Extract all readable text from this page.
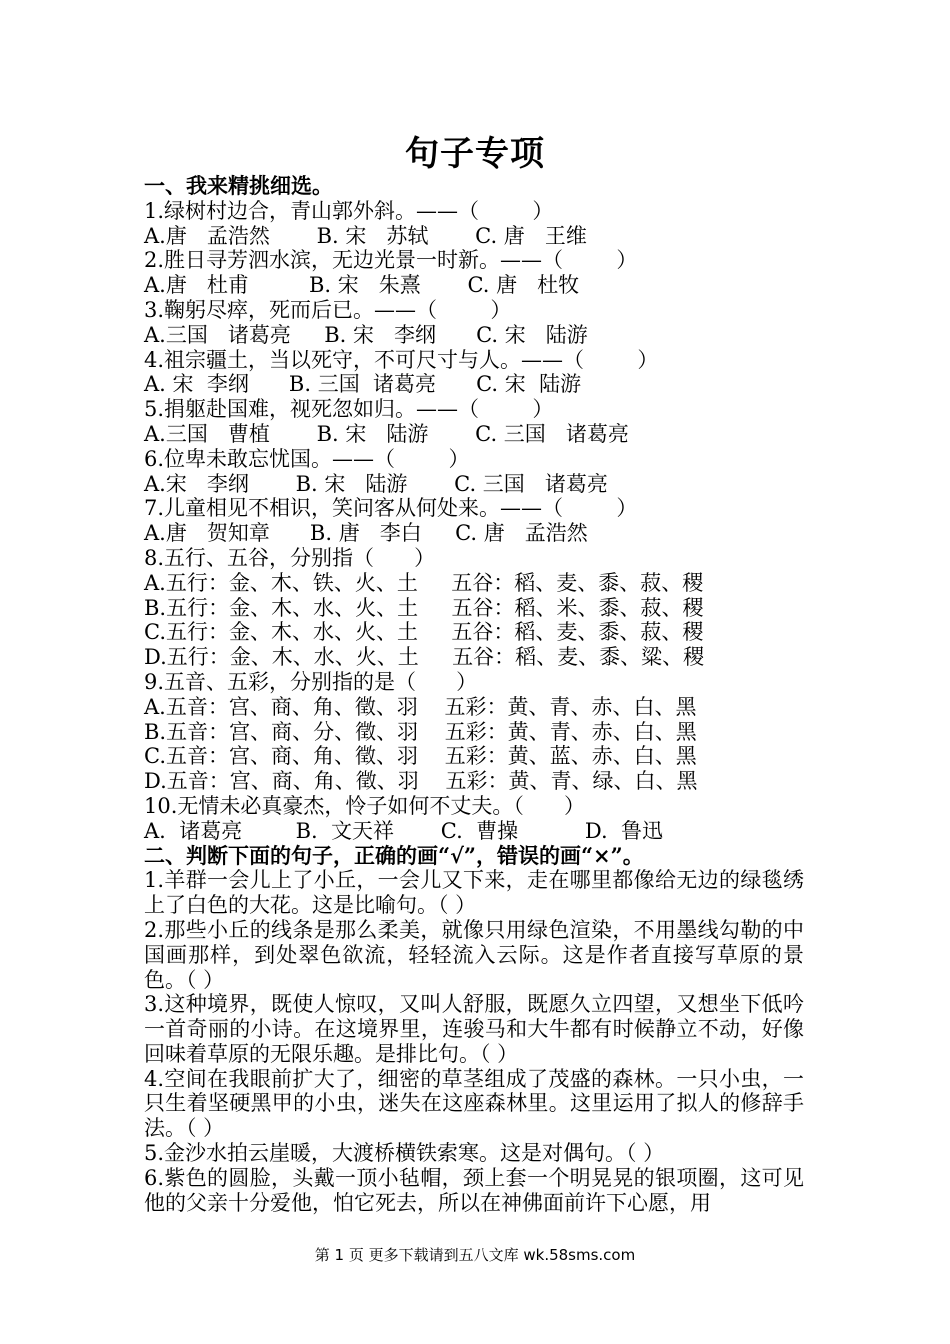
句子专项
一、我来精挑细选。
1.绿树村边合，青山郭外斜。——（        ）
A.唐   孟浩然       B. 宋   苏轼       C. 唐   王维
2.胜日寻芳泗水滨，无边光景一时新。——（        ）
A.唐   杜甫         B. 宋   朱熹       C. 唐   杜牧
3.鞠躬尽瘁，死而后已。——（        ）
A.三国   诸葛亮     B. 宋   李纲      C. 宋   陆游
4.祖宗疆土，当以死守，不可尺寸与人。——（        ）
A. 宋  李纲      B. 三国  诸葛亮      C. 宋  陆游
5.捐躯赴国难，视死忽如归。——（        ）
A.三国   曹植       B. 宋   陆游       C. 三国   诸葛亮
6.位卑未敢忘忧国。——（        ）
A.宋   李纲       B. 宋   陆游       C. 三国   诸葛亮
7.儿童相见不相识，笑问客从何处来。——（        ）
A.唐   贺知章      B. 唐   李白     C. 唐   孟浩然
8.五行、五谷，分别指（      ）
A.五行：金、木、铁、火、土     五谷：稻、麦、黍、菽、稷
B.五行：金、木、水、火、土     五谷：稻、米、黍、菽、稷
C.五行：金、木、水、火、土     五谷：稻、麦、黍、菽、稷
D.五行：金、木、水、火、土     五谷：稻、麦、黍、粱、稷
9.五音、五彩，分别指的是（      ）
A.五音：宫、商、角、徵、羽    五彩：黄、青、赤、白、黑
B.五音：宫、商、分、徵、羽    五彩：黄、青、赤、白、黑
C.五音：宫、商、角、徵、羽    五彩：黄、蓝、赤、白、黑
D.五音：宫、商、角、徵、羽    五彩：黄、青、绿、白、黑
10.无情未必真豪杰，怜子如何不丈夫。（      ）
A.  诸葛亮        B.  文天祥       C.  曹操          D.  鲁迅
二、判断下面的句子，正确的画“√”，错误的画“×”。
1.羊群一会儿上了小丘，一会儿又下来，走在哪里都像给无边的绿毯绣上了白色的大花。这是比喻句。（ ）
2.那些小丘的线条是那么柔美，就像只用绿色渲染，不用墨线勾勒的中国画那样，到处翠色欲流，轻轻流入云际。这是作者直接写草原的景色。（ ）
3.这种境界，既使人惊叹，又叫人舒服，既愿久立四望，又想坐下低吟一首奇丽的小诗。在这境界里，连骏马和大牛都有时候静立不动，好像回味着草原的无限乐趣。是排比句。（ ）
4.空间在我眼前扩大了，细密的草茎组成了茂盛的森林。一只小虫，一只生着坚硬黑甲的小虫，迷失在这座森林里。这里运用了拟人的修辞手法。（ ）
5.金沙水拍云崖暖，大渡桥横铁索寒。这是对偶句。（ ）
6.紫色的圆脸，头戴一顶小毡帽，颈上套一个明晃晃的银项圈，这可见他的父亲十分爱他，怕它死去，所以在神佛面前许下心愿，用
第 1 页 更多下载请到五八文库 wk.58sms.com
